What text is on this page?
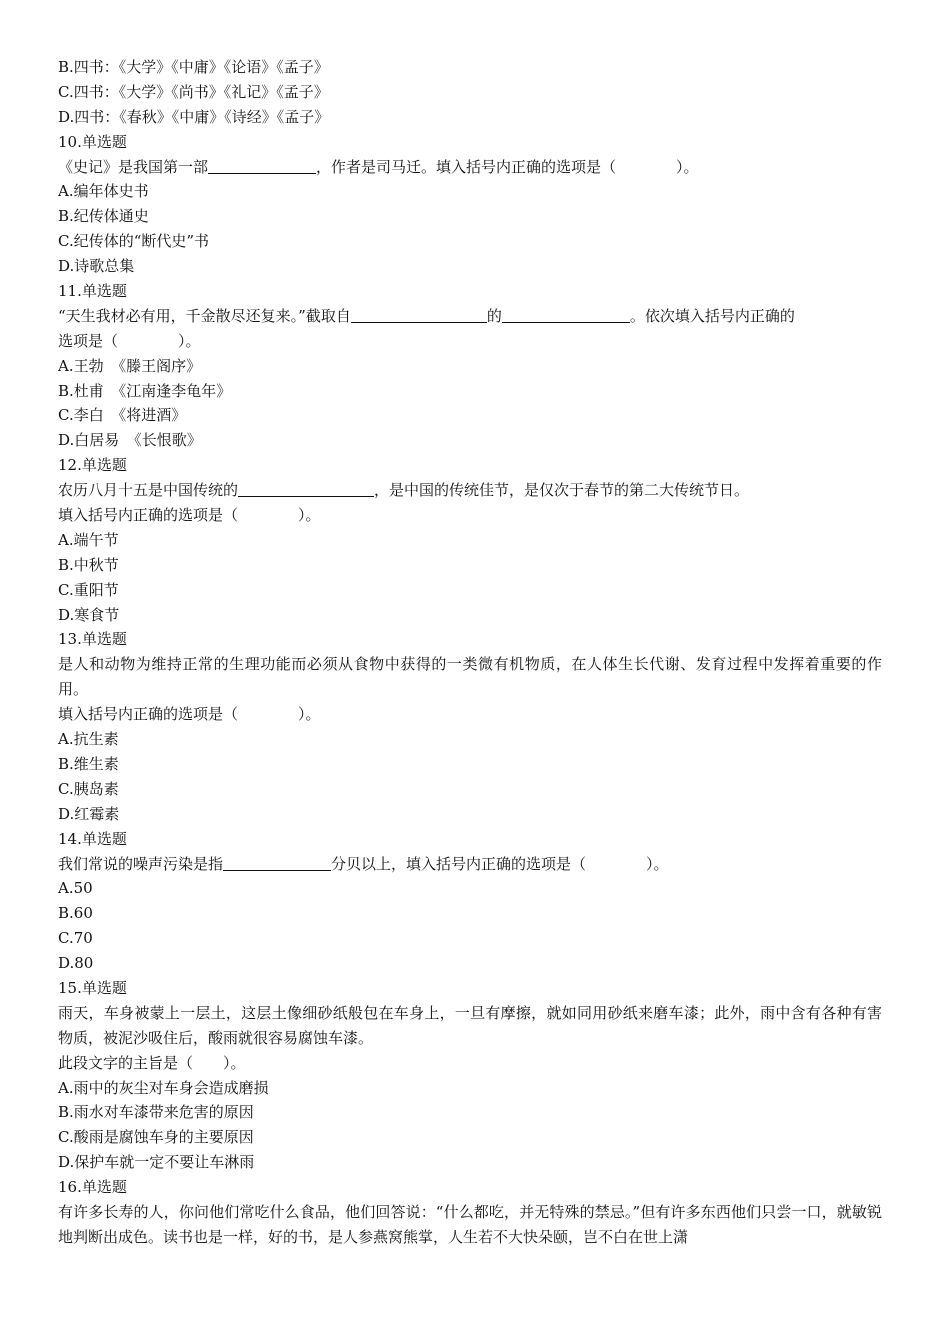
B.四书：《大学》《中庸》《论语》《孟子》
C.四书：《大学》《尚书》《礼记》《孟子》
D.四书：《春秋》《中庸》《诗经》《孟子》
10.单选题
《史记》是我国第一部	，作者是司马迁。填入括号内正确的选项是（　　　　）。
A.编年体史书
B.纪传体通史
C.纪传体的“断代史”书
D.诗歌总集
11.单选题
“天生我材必有用，千金散尽还复来。”截取自	的	。依次填入括号内正确的
选项是（　　　　）。
A.王勃　《滕王阁序》
B.杜甫　《江南逢李龟年》
C.李白　《将进酒》
D.白居易　《长恨歌》
12.单选题
农历八月十五是中国传统的	，是中国的传统佳节，是仅次于春节的第二大传统节日。
填入括号内正确的选项是（　　　　）。
A.端午节
B.中秋节
C.重阳节
D.寒食节
13.单选题
是人和动物为维持正常的生理功能而必须从食物中获得的一类微有机物质，在人体生长代谢、发育过程中发挥着重要的作用。
填入括号内正确的选项是（　　　　）。
A.抗生素
B.维生素
C.胰岛素
D.红霉素
14.单选题
我们常说的噪声污染是指	分贝以上，填入括号内正确的选项是（　　　　）。
A.50
B.60
C.70
D.80
15.单选题
雨天，车身被蒙上一层土，这层土像细砂纸般包在车身上，一旦有摩擦，就如同用砂纸来磨车漆；此外，雨中含有各种有害物质，被泥沙吸住后，酸雨就很容易腐蚀车漆。
此段文字的主旨是（　　）。
A.雨中的灰尘对车身会造成磨损
B.雨水对车漆带来危害的原因
C.酸雨是腐蚀车身的主要原因
D.保护车就一定不要让车淋雨
16.单选题
有许多长寿的人，你问他们常吃什么食品，他们回答说：“什么都吃，并无特殊的禁忌。”但有许多东西他们只尝一口，就敏锐地判断出成色。读书也是一样，好的书，是人参燕窝熊掌，人生若不大快朵颐，岂不白在世上潇
